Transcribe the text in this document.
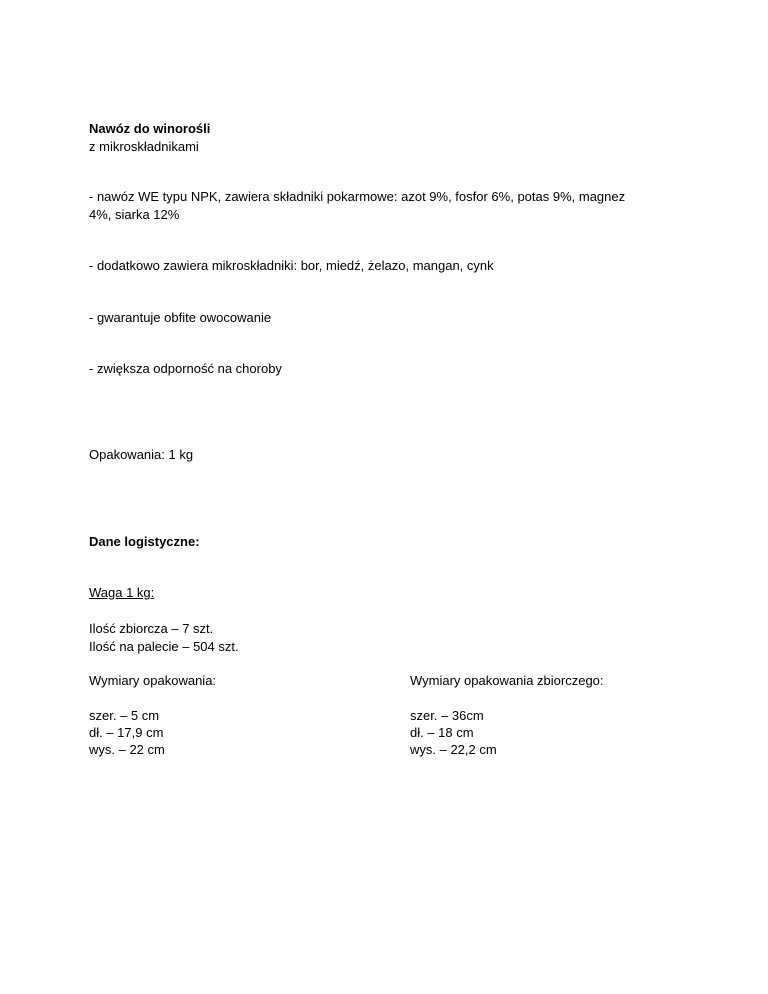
Nawóz do winorośli
z mikroskładnikami
- nawóz WE typu NPK, zawiera składniki pokarmowe: azot 9%, fosfor 6%, potas 9%, magnez
4%, siarka 12%
- dodatkowo zawiera mikroskładniki: bor, miedź, żelazo, mangan, cynk
- gwarantuje obfite owocowanie
- zwiększa odporność na choroby
Opakowania: 1 kg
Dane logistyczne:
Waga 1 kg:
Ilość zbiorcza – 7 szt.
Ilość na palecie – 504 szt.
Wymiary opakowania:	Wymiary opakowania zbiorczego:
szer. – 5 cm
dł. – 17,9 cm
wys. – 22 cm
szer. – 36cm
dł. – 18 cm
wys. – 22,2 cm
